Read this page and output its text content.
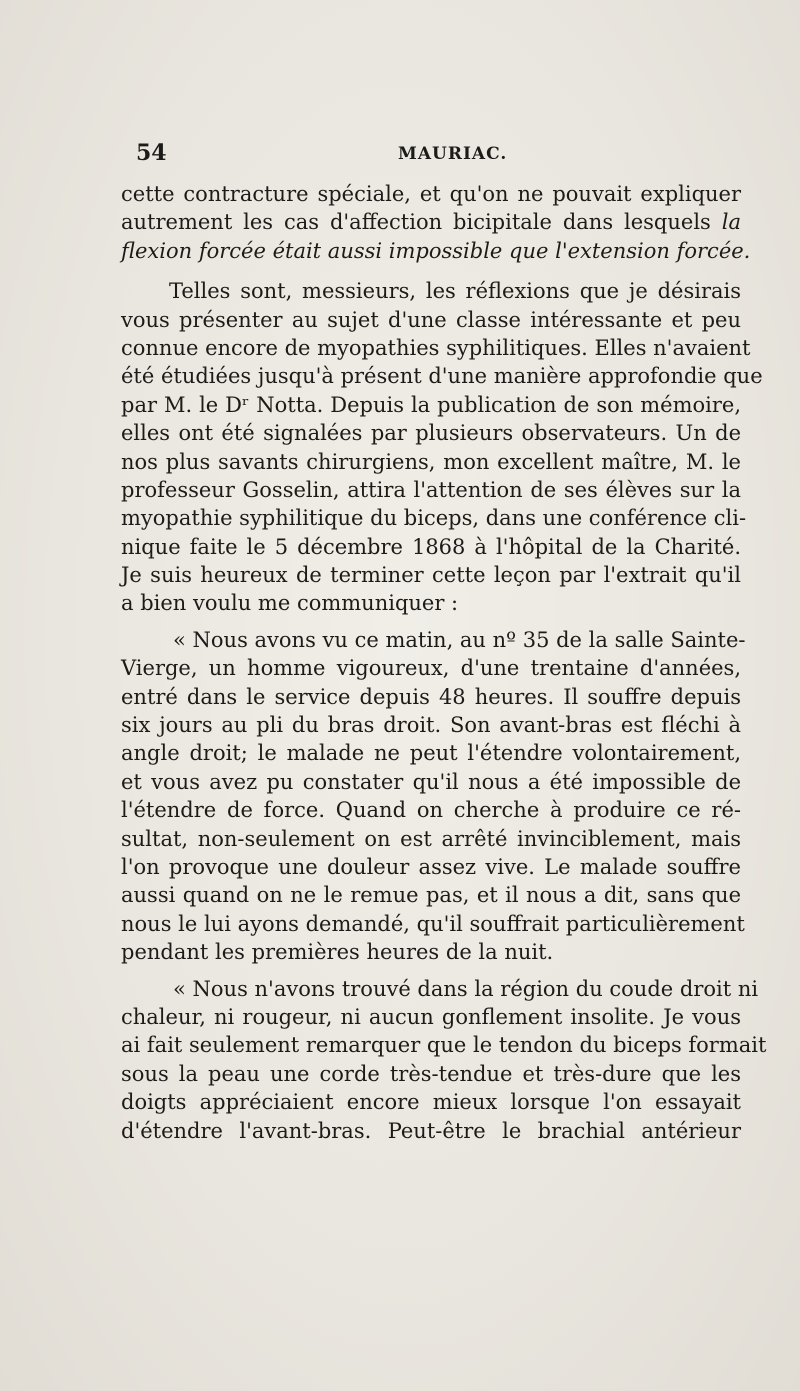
54	MAURIAC.
cette contracture spéciale, et qu'on ne pouvait expliquer
autrement les cas d'affection bicipitale dans lesquels la
flexion forcée était aussi impossible que l'extension forcée.
Telles sont, messieurs, les réflexions que je désirais
vous présenter au sujet d'une classe intéressante et peu
connue encore de myopathies syphilitiques. Elles n'avaient
été étudiées jusqu'à présent d'une manière approfondie que
par M. le Dʳ Notta. Depuis la publication de son mémoire,
elles ont été signalées par plusieurs observateurs. Un de
nos plus savants chirurgiens, mon excellent maître, M. le
professeur Gosselin, attira l'attention de ses élèves sur la
myopathie syphilitique du biceps, dans une conférence cli-
nique faite le 5 décembre 1868 à l'hôpital de la Charité.
Je suis heureux de terminer cette leçon par l'extrait qu'il
a bien voulu me communiquer :
« Nous avons vu ce matin, au nº 35 de la salle Sainte-
Vierge, un homme vigoureux, d'une trentaine d'années,
entré dans le service depuis 48 heures. Il souffre depuis
six jours au pli du bras droit. Son avant-bras est fléchi à
angle droit; le malade ne peut l'étendre volontairement,
et vous avez pu constater qu'il nous a été impossible de
l'étendre de force. Quand on cherche à produire ce ré-
sultat, non-seulement on est arrêté invinciblement, mais
l'on provoque une douleur assez vive. Le malade souffre
aussi quand on ne le remue pas, et il nous a dit, sans que
nous le lui ayons demandé, qu'il souffrait particulièrement
pendant les premières heures de la nuit.
« Nous n'avons trouvé dans la région du coude droit ni
chaleur, ni rougeur, ni aucun gonflement insolite. Je vous
ai fait seulement remarquer que le tendon du biceps formait
sous la peau une corde très-tendue et très-dure que les
doigts appréciaient encore mieux lorsque l'on essayait
d'étendre l'avant-bras. Peut-être le brachial antérieur
